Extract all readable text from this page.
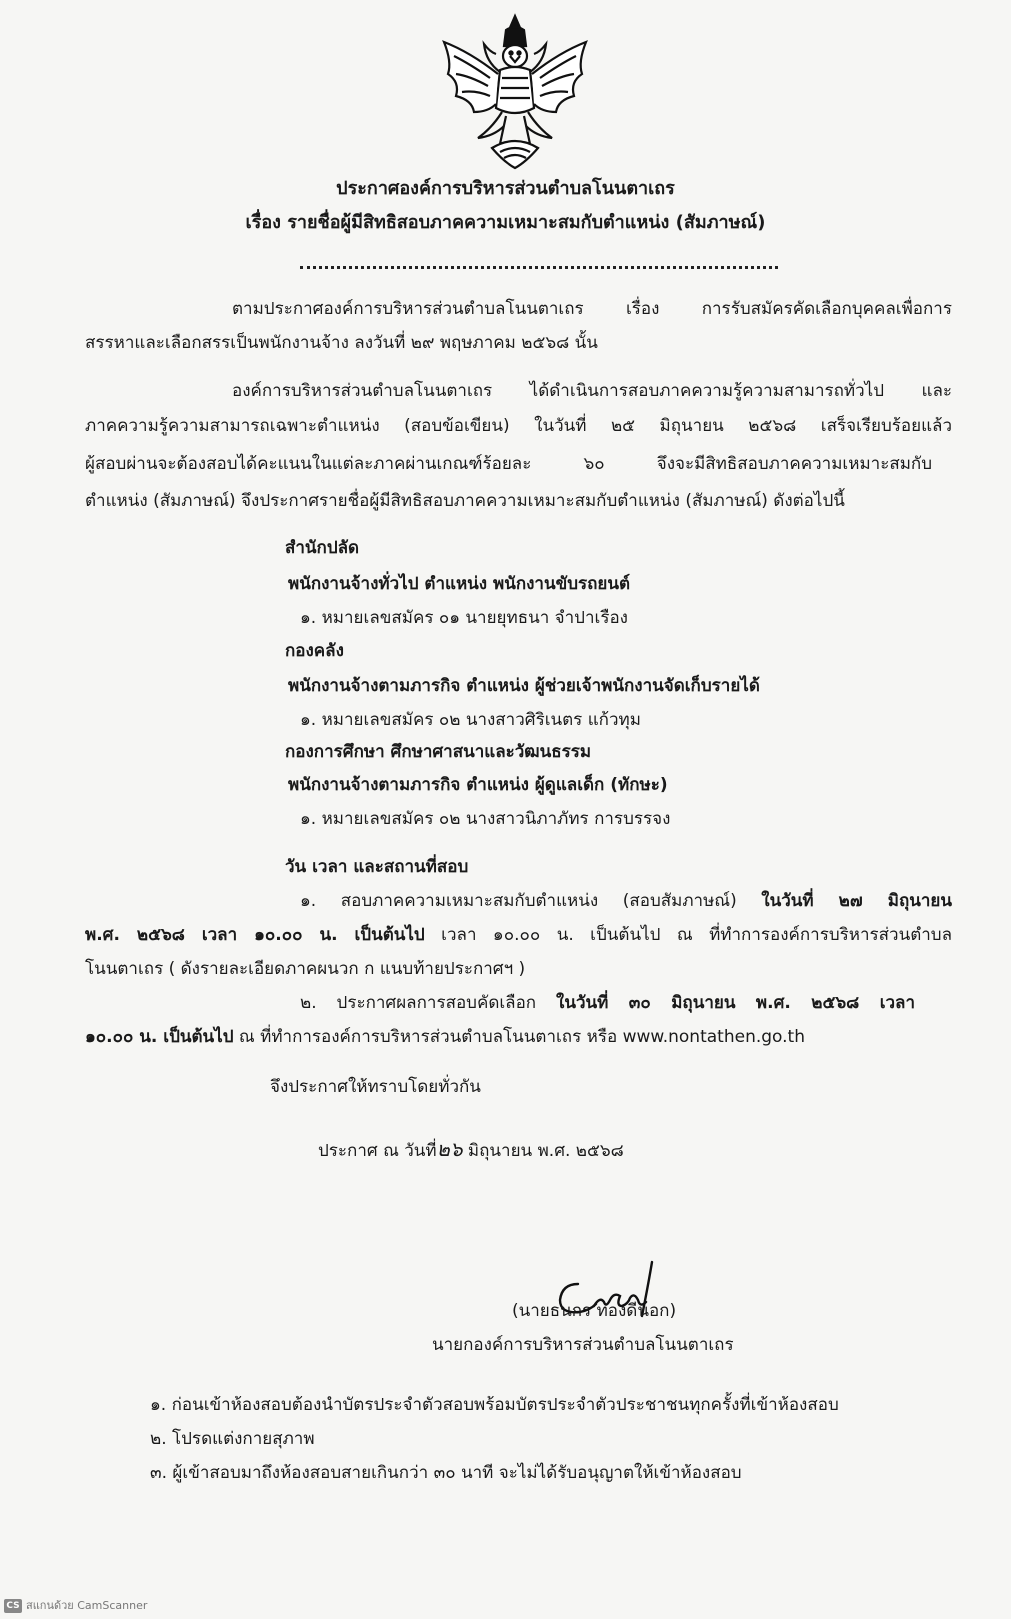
ประกาศองค์การบริหารส่วนตำบลโนนตาเถร
เรื่อง รายชื่อผู้มีสิทธิสอบภาคความเหมาะสมกับตำแหน่ง (สัมภาษณ์)
ตามประกาศองค์การบริหารส่วนตำบลโนนตาเถร เรื่อง การรับสมัครคัดเลือกบุคคลเพื่อการ
สรรหาและเลือกสรรเป็นพนักงานจ้าง ลงวันที่ ๒๙ พฤษภาคม ๒๕๖๘ นั้น
องค์การบริหารส่วนตำบลโนนตาเถร ได้ดำเนินการสอบภาคความรู้ความสามารถทั่วไป และ
ภาคความรู้ความสามารถเฉพาะตำแหน่ง (สอบข้อเขียน) ในวันที่ ๒๕ มิถุนายน ๒๕๖๘ เสร็จเรียบร้อยแล้ว
ผู้สอบผ่านจะต้องสอบได้คะแนนในแต่ละภาคผ่านเกณฑ์ร้อยละ ๖๐ จึงจะมีสิทธิสอบภาคความเหมาะสมกับ
ตำแหน่ง (สัมภาษณ์) จึงประกาศรายชื่อผู้มีสิทธิสอบภาคความเหมาะสมกับตำแหน่ง (สัมภาษณ์) ดังต่อไปนี้
สำนักปลัด
พนักงานจ้างทั่วไป ตำแหน่ง พนักงานขับรถยนต์
๑. หมายเลขสมัคร ๐๑ นายยุทธนา จำปาเรือง
กองคลัง
พนักงานจ้างตามภารกิจ ตำแหน่ง ผู้ช่วยเจ้าพนักงานจัดเก็บรายได้
๑. หมายเลขสมัคร ๐๒ นางสาวศิริเนตร แก้วทุม
กองการศึกษา ศึกษาศาสนาและวัฒนธรรม
พนักงานจ้างตามภารกิจ ตำแหน่ง ผู้ดูแลเด็ก (ทักษะ)
๑. หมายเลขสมัคร ๐๒ นางสาวนิภาภัทร การบรรจง
วัน เวลา และสถานที่สอบ
๑. สอบภาคความเหมาะสมกับตำแหน่ง (สอบสัมภาษณ์) ในวันที่ ๒๗ มิถุนายน
พ.ศ. ๒๕๖๘ เวลา ๑๐.๐๐ น. เป็นต้นไป เวลา ๑๐.๐๐ น. เป็นต้นไป ณ ที่ทำการองค์การบริหารส่วนตำบล
โนนตาเถร ( ดังรายละเอียดภาคผนวก ก แนบท้ายประกาศฯ )
๒. ประกาศผลการสอบคัดเลือก ในวันที่ ๓๐ มิถุนายน พ.ศ. ๒๕๖๘ เวลา
๑๐.๐๐ น. เป็นต้นไป ณ ที่ทำการองค์การบริหารส่วนตำบลโนนตาเถร หรือ www.nontathen.go.th
จึงประกาศให้ทราบโดยทั่วกัน
ประกาศ ณ วันที่๒๖ มิถุนายน พ.ศ. ๒๕๖๘
(นายธนกร ทองดีนอก)
นายกองค์การบริหารส่วนตำบลโนนตาเถร
๑. ก่อนเข้าห้องสอบต้องนำบัตรประจำตัวสอบพร้อมบัตรประจำตัวประชาชนทุกครั้งที่เข้าห้องสอบ
๒. โปรดแต่งกายสุภาพ
๓. ผู้เข้าสอบมาถึงห้องสอบสายเกินกว่า ๓๐ นาที จะไม่ได้รับอนุญาตให้เข้าห้องสอบ
CS สแกนด้วย CamScanner
